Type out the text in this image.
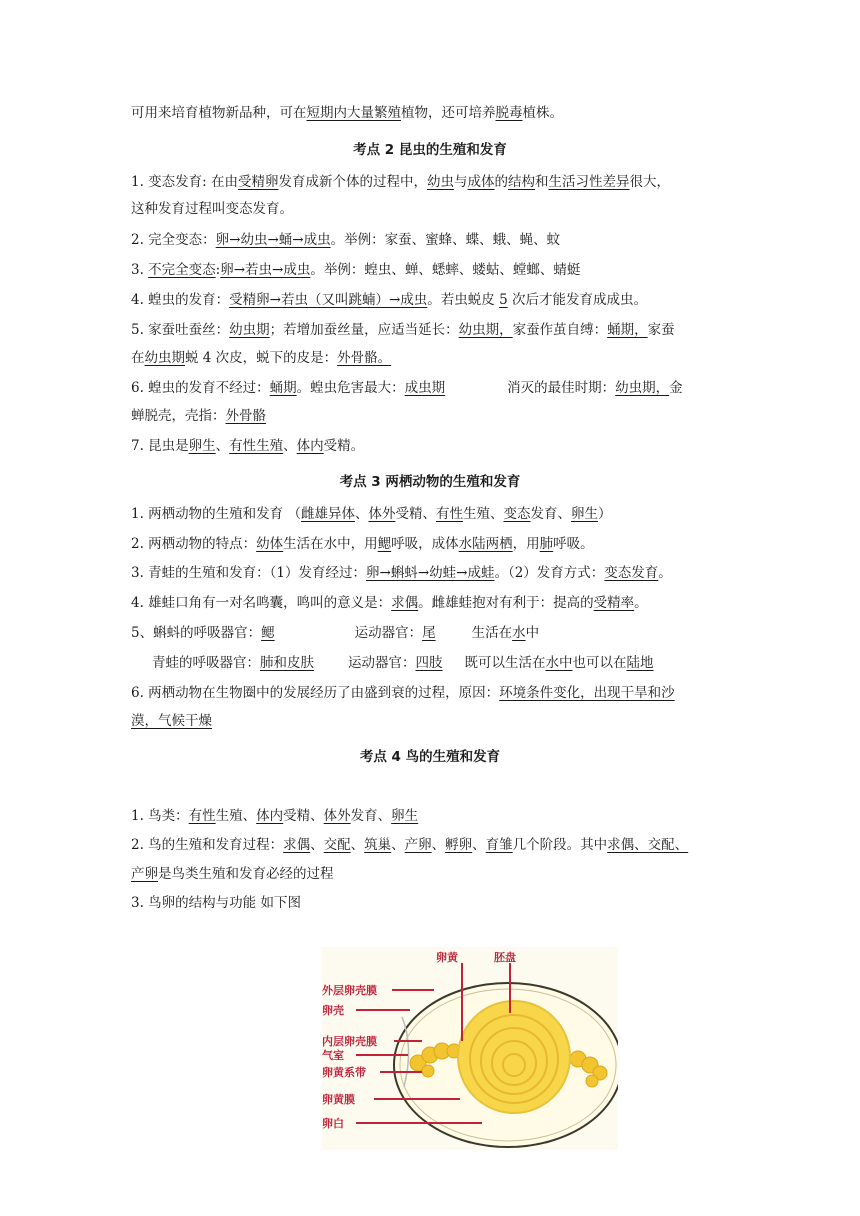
可用来培育植物新品种，可在短期内大量繁殖植物，还可培养脱毒植株。
考点 2 昆虫的生殖和发育
1. 变态发育: 在由受精卵发育成新个体的过程中，幼虫与成体的结构和生活习性差异很大，
这种发育过程叫变态发育。
2. 完全变态：卵→幼虫→蛹→成虫。举例：家蚕、蜜蜂、蝶、蛾、蝇、蚊
3. 不完全变态:卵→若虫→成虫。举例：蝗虫、蝉、蟋蟀、蝼蛄、螳螂、蜻蜓
4. 蝗虫的发育：受精卵→若虫（又叫跳蝻）→成虫。若虫蜕皮 5 次后才能发育成成虫。
5. 家蚕吐蚕丝：幼虫期；若增加蚕丝量，应适当延长：幼虫期，家蚕作茧自缚：蛹期，家蚕
在幼虫期蜕 4 次皮，蜕下的皮是：外骨骼。
6. 蝗虫的发育不经过：蛹期。蝗虫危害最大：成虫期	消灭的最佳时期：幼虫期，金
蝉脱壳，壳指：外骨骼
7. 昆虫是卵生、有性生殖、体内受精。
考点 3 两栖动物的生殖和发育
1. 两栖动物的生殖和发育 （雌雄异体、体外受精、有性生殖、变态发育、卵生）
2. 两栖动物的特点：幼体生活在水中，用鳃呼吸，成体水陆两栖，用肺呼吸。
3. 青蛙的生殖和发育：（1）发育经过：卵→蝌蚪→幼蛙→成蛙。（2）发育方式：变态发育。
4. 雄蛙口角有一对名鸣囊，鸣叫的意义是：求偶。雌雄蛙抱对有利于：提高的受精率。
5、蝌蚪的呼吸器官：鳃	运动器官：尾	生活在水中
青蛙的呼吸器官：肺和皮肤	运动器官：四肢 既可以生活在水中也可以在陆地
6. 两栖动物在生物圈中的发展经历了由盛到衰的过程，原因：环境条件变化，出现干旱和沙
漠，气候干燥
考点 4 鸟的生殖和发育
1. 鸟类：有性生殖、体内受精、体外发育、卵生
2. 鸟的生殖和发育过程：求偶、交配、筑巢、产卵、孵卵、育雏几个阶段。其中求偶、交配、
产卵是鸟类生殖和发育必经的过程
3. 鸟卵的结构与功能 如下图
卵黄	胚盘
外层卵壳膜
卵壳
内层卵壳膜
气室
卵黄系带
卵黄膜
卵白
